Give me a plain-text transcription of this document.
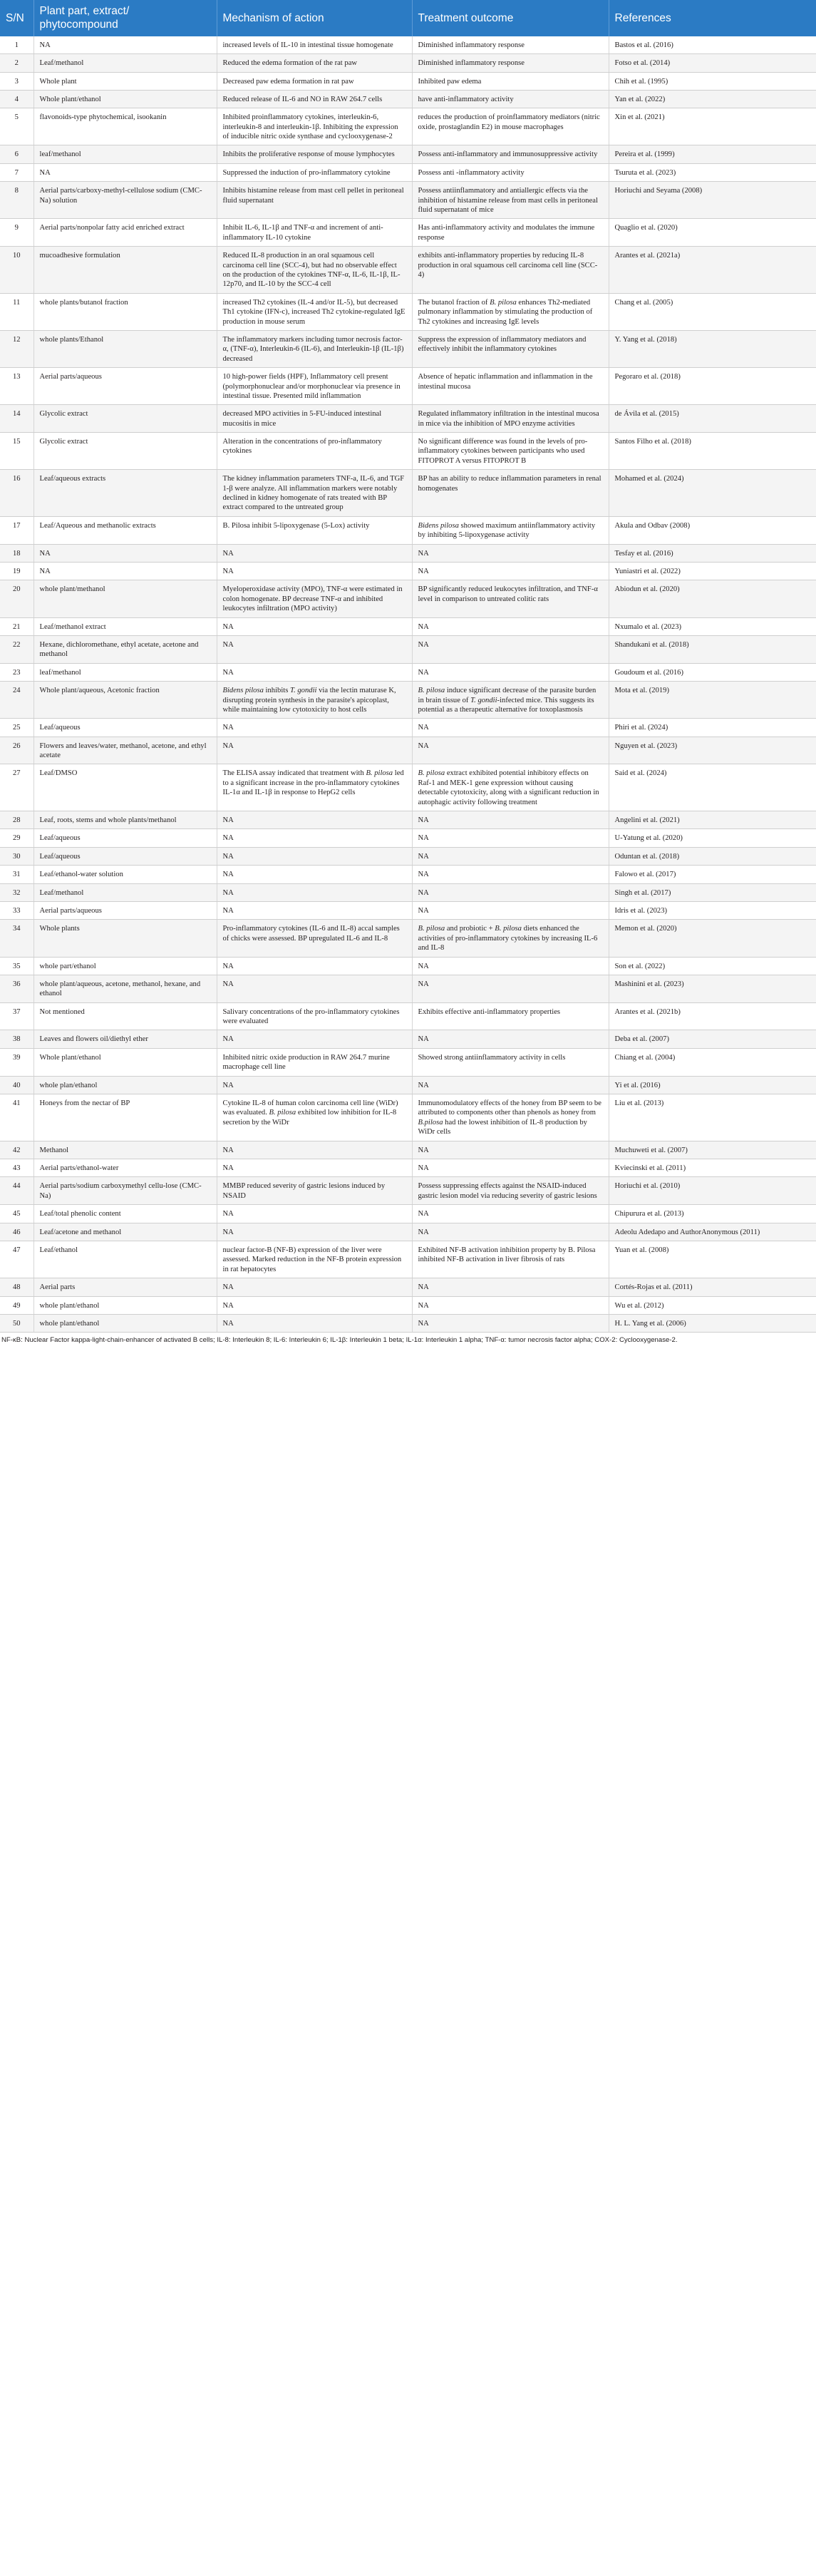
S/N	Plant part, extract/ phytocompound	Mechanism of action	Treatment outcome	References
1	NA	increased levels of IL-10 in intestinal tissue homogenate	Diminished inflammatory response	Bastos et al. (2016)
2	Leaf/methanol	Reduced the edema formation of the rat paw	Diminished inflammatory response	Fotso et al. (2014)
3	Whole plant	Decreased paw edema formation in rat paw	Inhibited paw edema	Chih et al. (1995)
4	Whole plant/ethanol	Reduced release of IL-6 and NO in RAW 264.7 cells	have anti-inflammatory activity	Yan et al. (2022)
5	flavonoids-type phytochemical, isookanin	Inhibited proinflammatory cytokines, interleukin-6, interleukin-8 and interleukin-1β. Inhibiting the expression of inducible nitric oxide synthase and cyclooxygenase-2	reduces the production of proinflammatory mediators (nitric oxide, prostaglandin E2) in mouse macrophages	Xin et al. (2021)
6	leaf/methanol	Inhibits the proliferative response of mouse lymphocytes	Possess anti-inflammatory and immunosuppressive activity	Pereira et al. (1999)
7	NA	Suppressed the induction of pro-inflammatory cytokine	Possess anti -inflammatory activity	Tsuruta et al. (2023)
8	Aerial parts/carboxy-methyl-cellulose sodium (CMC-Na) solution	Inhibits histamine release from mast cell pellet in peritoneal fluid supernatant	Possess antiinflammatory and antiallergic effects via the inhibition of histamine release from mast cells in peritoneal fluid supernatant of mice	Horiuchi and Seyama (2008)
9	Aerial parts/nonpolar fatty acid enriched extract	Inhibit IL-6, IL-1β and TNF-α and increment of anti-inflammatory IL-10 cytokine	Has anti-inflammatory activity and modulates the immune response	Quaglio et al. (2020)
10	mucoadhesive formulation	Reduced IL-8 production in an oral squamous cell carcinoma cell line (SCC-4), but had no observable effect on the production of the cytokines TNF-α, IL-6, IL-1β, IL-12p70, and IL-10 by the SCC-4 cell	exhibits anti-inflammatory properties by reducing IL-8 production in oral squamous cell carcinoma cell line (SCC-4)	Arantes et al. (2021a)
11	whole plants/butanol fraction	increased Th2 cytokines (IL-4 and/or IL-5), but decreased Th1 cytokine (IFN-c), increased Th2 cytokine-regulated IgE production in mouse serum	The butanol fraction of B. pilosa enhances Th2-mediated pulmonary inflammation by stimulating the production of Th2 cytokines and increasing IgE levels	Chang et al. (2005)
12	whole plants/Ethanol	The inflammatory markers including tumor necrosis factor-α, (TNF-α), Interleukin-6 (IL-6), and Interleukin-1β (IL-1β) decreased	Suppress the expression of inflammatory mediators and effectively inhibit the inflammatory cytokines	Y. Yang et al. (2018)
13	Aerial parts/aqueous	10 high-power fields (HPF), Inflammatory cell present (polymorphonuclear and/or morphonuclear via presence in intestinal tissue. Presented mild inflammation	Absence of hepatic inflammation and inflammation in the intestinal mucosa	Pegoraro et al. (2018)
14	Glycolic extract	decreased MPO activities in 5-FU-induced intestinal mucositis in mice	Regulated inflammatory infiltration in the intestinal mucosa in mice via the inhibition of MPO enzyme activities	de Ávila et al. (2015)
15	Glycolic extract	Alteration in the concentrations of pro-inflammatory cytokines	No significant difference was found in the levels of pro-inflammatory cytokines between participants who used FITOPROT A versus FITOPROT B	Santos Filho et al. (2018)
16	Leaf/aqueous extracts	The kidney inflammation parameters TNF-a, IL-6, and TGF 1-β were analyze. All inflammation markers were notably declined in kidney homogenate of rats treated with BP extract compared to the untreated group	BP has an ability to reduce inflammation parameters in renal homogenates	Mohamed et al. (2024)
17	Leaf/Aqueous and methanolic extracts	B. Pilosa inhibit 5-lipoxygenase (5-Lox) activity	Bidens pilosa showed maximum antiinflammatory activity by inhibiting 5-lipoxygenase activity	Akula and Odbav (2008)
18	NA	NA	NA	Tesfay et al. (2016)
19	NA	NA	NA	Yuniastri et al. (2022)
20	whole plant/methanol	Myeloperoxidase activity (MPO), TNF-α were estimated in colon homogenate. BP decrease TNF-α and inhibited leukocytes infiltration (MPO activity)	BP significantly reduced leukocytes infiltration, and TNF-α level in comparison to untreated colitic rats	Abiodun et al. (2020)
21	Leaf/methanol extract	NA	NA	Nxumalo et al. (2023)
22	Hexane, dichloromethane, ethyl acetate, acetone and methanol	NA	NA	Shandukani et al. (2018)
23	leaf/methanol	NA	NA	Goudoum et al. (2016)
24	Whole plant/aqueous, Acetonic fraction	Bidens pilosa inhibits T. gondii via the lectin maturase K, disrupting protein synthesis in the parasite's apicoplast, while maintaining low cytotoxicity to host cells	B. pilosa induce significant decrease of the parasite burden in brain tissue of T. gondii-infected mice. This suggests its potential as a therapeutic alternative for toxoplasmosis	Mota et al. (2019)
25	Leaf/aqueous	NA	NA	Phiri et al. (2024)
26	Flowers and leaves/water, methanol, acetone, and ethyl acetate	NA	NA	Nguyen et al. (2023)
27	Leaf/DMSO	The ELISA assay indicated that treatment with B. pilosa led to a significant increase in the pro-inflammatory cytokines IL-1α and IL-1β in response to HepG2 cells	B. pilosa extract exhibited potential inhibitory effects on Raf-1 and MEK-1 gene expression without causing detectable cytotoxicity, along with a significant reduction in autophagic activity following treatment	Said et al. (2024)
28	Leaf, roots, stems and whole plants/methanol	NA	NA	Angelini et al. (2021)
29	Leaf/aqueous	NA	NA	U-Yatung et al. (2020)
30	Leaf/aqueous	NA	NA	Oduntan et al. (2018)
31	Leaf/ethanol-water solution	NA	NA	Falowo et al. (2017)
32	Leaf/methanol	NA	NA	Singh et al. (2017)
33	Aerial parts/aqueous	NA	NA	Idris et al. (2023)
34	Whole plants	Pro-inflammatory cytokines (IL-6 and IL-8) accal samples of chicks were assessed. BP upregulated IL-6 and IL-8	B. pilosa and probiotic + B. pilosa diets enhanced the activities of pro-inflammatory cytokines by increasing IL-6 and IL-8	Memon et al. (2020)
35	whole part/ethanol	NA	NA	Son et al. (2022)
36	whole plant/aqueous, acetone, methanol, hexane, and ethanol	NA	NA	Mashinini et al. (2023)
37	Not mentioned	Salivary concentrations of the pro-inflammatory cytokines were evaluated	Exhibits effective anti-inflammatory properties	Arantes et al. (2021b)
38	Leaves and flowers oil/diethyl ether	NA	NA	Deba et al. (2007)
39	Whole plant/ethanol	Inhibited nitric oxide production in RAW 264.7 murine macrophage cell line	Showed strong antiinflammatory activity in cells	Chiang et al. (2004)
40	whole plan/ethanol	NA	NA	Yi et al. (2016)
41	Honeys from the nectar of BP	Cytokine IL-8 of human colon carcinoma cell line (WiDr) was evaluated. B. pilosa exhibited low inhibition for IL-8 secretion by the WiDr	Immunomodulatory effects of the honey from BP seem to be attributed to components other than phenols as honey from B.pilosa had the lowest inhibition of IL-8 production by WiDr cells	Liu et al. (2013)
42	Methanol	NA	NA	Muchuweti et al. (2007)
43	Aerial parts/ethanol-water	NA	NA	Kviecinski et al. (2011)
44	Aerial parts/sodium carboxymethyl cellu-lose (CMC-Na)	MMBP reduced severity of gastric lesions induced by NSAID	Possess suppressing effects against the NSAID-induced gastric lesion model via reducing severity of gastric lesions	Horiuchi et al. (2010)
45	Leaf/total phenolic content	NA	NA	Chipurura et al. (2013)
46	Leaf/acetone and methanol	NA	NA	Adeolu Adedapo and AuthorAnonymous (2011)
47	Leaf/ethanol	nuclear factor-B (NF-B) expression of the liver were assessed. Marked reduction in the NF-B protein expression in rat hepatocytes	Exhibited NF-B activation inhibition property by B. Pilosa inhibited NF-B activation in liver fibrosis of rats	Yuan et al. (2008)
48	Aerial parts	NA	NA	Cortés-Rojas et al. (2011)
49	whole plant/ethanol	NA	NA	Wu et al. (2012)
50	whole plant/ethanol	NA	NA	H. L. Yang et al. (2006)
NF-κB: Nuclear Factor kappa-light-chain-enhancer of activated B cells; IL-8: Interleukin 8; IL-6: Interleukin 6; IL-1β: Interleukin 1 beta; IL-1α: Interleukin 1 alpha; TNF-α: tumor necrosis factor alpha; COX-2: Cyclooxygenase-2.
